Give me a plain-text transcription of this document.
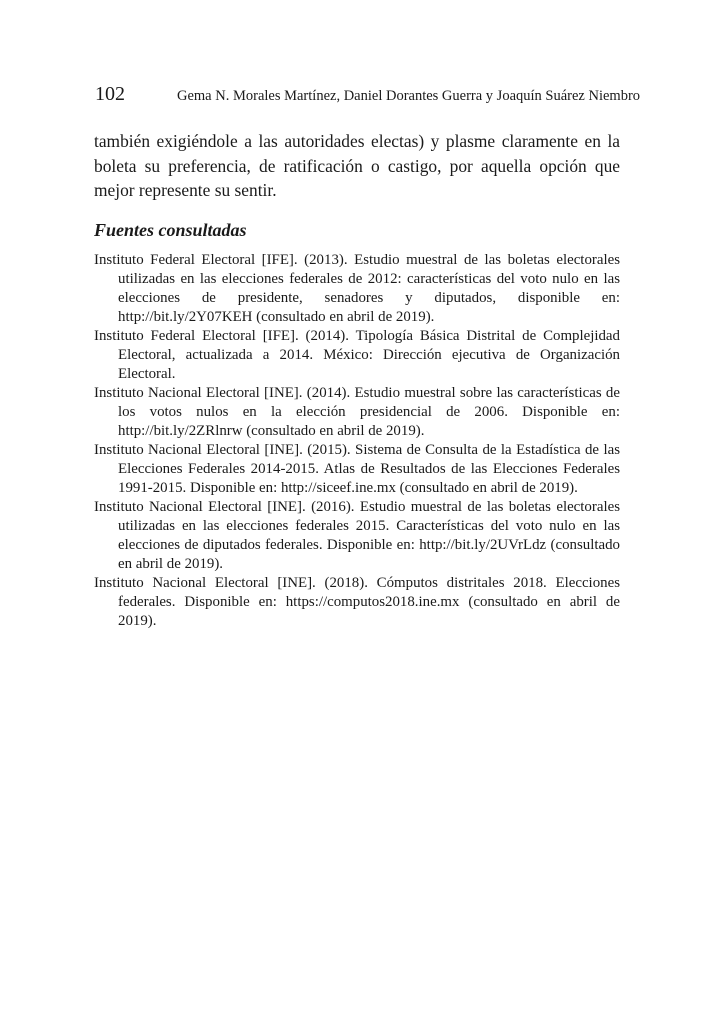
102	Gema N. Morales Martínez, Daniel Dorantes Guerra y Joaquín Suárez Niembro

también exigiéndole a las autoridades electas) y plasme claramente en la boleta su preferencia, de ratificación o castigo, por aquella opción que mejor represente su sentir.

Fuentes consultadas
Instituto Federal Electoral [IFE]. (2013). Estudio muestral de las boletas electorales utilizadas en las elecciones federales de 2012: características del voto nulo en las elecciones de presidente, senadores y diputados, disponible en: http://bit.ly/2Y07KEH (consultado en abril de 2019).
Instituto Federal Electoral [IFE]. (2014). Tipología Básica Distrital de Complejidad Electoral, actualizada a 2014. México: Dirección ejecutiva de Organización Electoral.
Instituto Nacional Electoral [INE]. (2014). Estudio muestral sobre las características de los votos nulos en la elección presidencial de 2006. Disponible en: http://bit.ly/2ZRlnrw (consultado en abril de 2019).
Instituto Nacional Electoral [INE]. (2015). Sistema de Consulta de la Estadística de las Elecciones Federales 2014-2015. Atlas de Resultados de las Elecciones Federales 1991-2015. Disponible en: http://siceef.ine.mx (consultado en abril de 2019).
Instituto Nacional Electoral [INE]. (2016). Estudio muestral de las boletas electorales utilizadas en las elecciones federales 2015. Características del voto nulo en las elecciones de diputados federales. Disponible en: http://bit.ly/2UVrLdz (consultado en abril de 2019).
Instituto Nacional Electoral [INE]. (2018). Cómputos distritales 2018. Elecciones federales. Disponible en: https://computos2018.ine.mx (consultado en abril de 2019).
